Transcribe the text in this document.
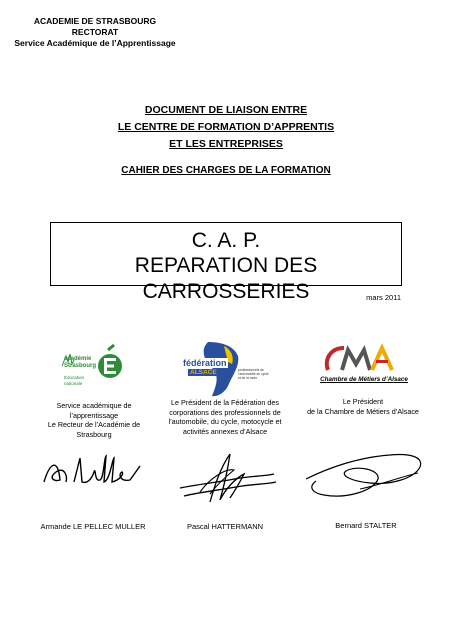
ACADEMIE DE STRASBOURG
RECTORAT
Service Académique de l’Apprentissage
DOCUMENT DE LIAISON ENTRE
LE CENTRE DE FORMATION D’APPRENTIS
ET LES ENTREPRISES
CAHIER DES CHARGES DE LA FORMATION
C. A. P.
REPARATION DES CARROSSERIES	mars 2011
académie
Strasbourg
Éducation
nationale
fédération
ALSACE	professionnels de l’automobile du cycle et de la moto	Chambre de Métiers d’Alsace
Service académique de
l’apprentissage
Le Recteur de l’Académie de
Strasbourg
Le Président de la Fédération des
corporations des professionnels de
l’automobile, du cycle, motocycle et
activités annexes d’Alsace
Le Président
de la Chambre de Métiers d’Alsace
Armande LE PELLEC MULLER	Pascal HATTERMANN	Bernard STALTER
